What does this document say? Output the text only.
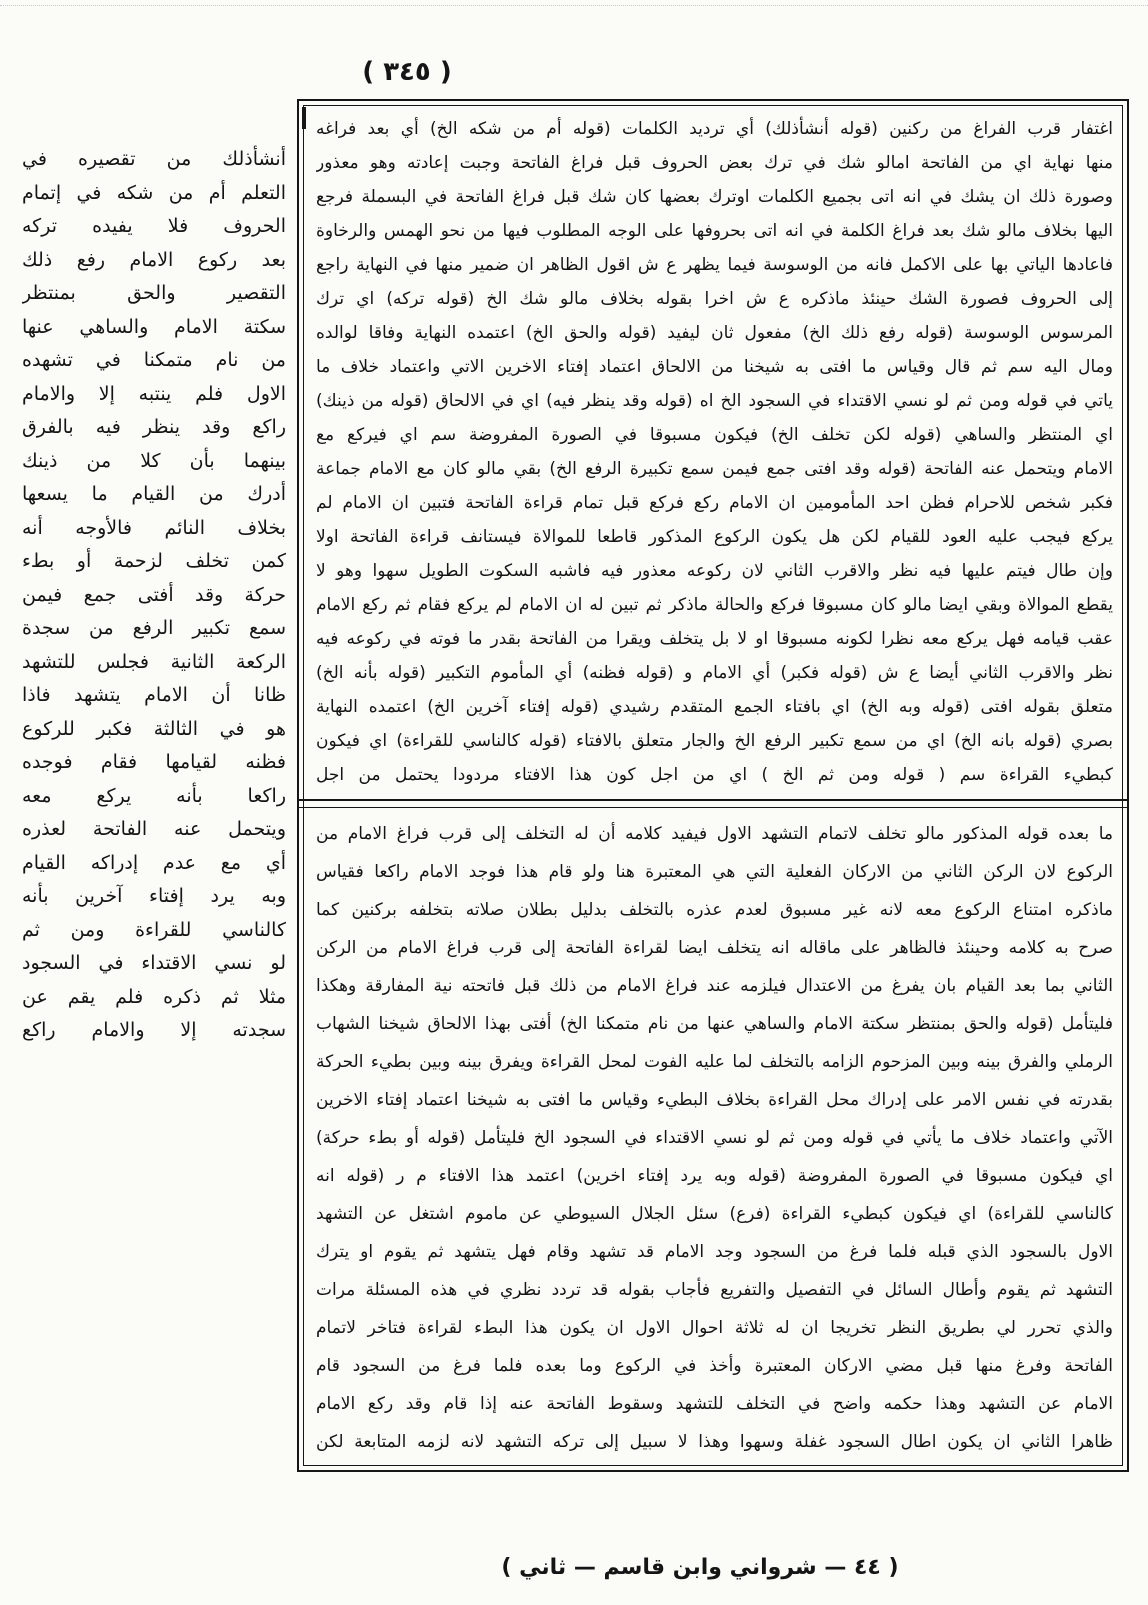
( ٣٤٥ )
اغتفار قرب الفراغ من ركنين (قوله أنشأذلك) أي ترديد الكلمات (قوله أم من شكه الخ) أي بعد فراغه
منها نهاية اي من الفاتحة امالو شك في ترك بعض الحروف قبل فراغ الفاتحة وجبت إعادته وهو معذور
وصورة ذلك ان يشك في انه اتى بجميع الكلمات اوترك بعضها كان شك قبل فراغ الفاتحة في البسملة فرجع
اليها بخلاف مالو شك بعد فراغ الكلمة في انه اتى بحروفها على الوجه المطلوب فيها من نحو الهمس والرخاوة
فاعادها الياتي بها على الاكمل فانه من الوسوسة فيما يظهر ع ش اقول الظاهر ان ضمير منها في النهاية راجع
إلى الحروف فصورة الشك حينئذ ماذكره ع ش اخرا بقوله بخلاف مالو شك الخ (قوله تركه) اي ترك
المرسوس الوسوسة (قوله رفع ذلك الخ) مفعول ثان ليفيد (قوله والحق الخ) اعتمده النهاية وفاقا لوالده
ومال اليه سم ثم قال وقياس ما افتى به شيخنا من الالحاق اعتماد إفتاء الاخرين الاتي واعتماد خلاف ما
ياتي في قوله ومن ثم لو نسي الاقتداء في السجود الخ اه (قوله وقد ينظر فيه) اي في الالحاق (قوله من ذينك)
اي المنتظر والساهي (قوله لكن تخلف الخ) فيكون مسبوقا في الصورة المفروضة سم اي فيركع مع
الامام ويتحمل عنه الفاتحة (قوله وقد افتى جمع فيمن سمع تكبيرة الرفع الخ) بقي مالو كان مع الامام جماعة
فكبر شخص للاحرام فظن احد المأمومين ان الامام ركع فركع قبل تمام قراءة الفاتحة فتبين ان الامام لم
يركع فيجب عليه العود للقيام لكن هل يكون الركوع المذكور قاطعا للموالاة فيستانف قراءة الفاتحة اولا
وإن طال فيتم عليها فيه نظر والاقرب الثاني لان ركوعه معذور فيه فاشبه السكوت الطويل سهوا وهو لا
يقطع الموالاة وبقي ايضا مالو كان مسبوقا فركع والحالة ماذكر ثم تبين له ان الامام لم يركع فقام ثم ركع الامام
عقب قيامه فهل يركع معه نظرا لكونه مسبوقا او لا بل يتخلف ويقرا من الفاتحة بقدر ما فوته في ركوعه فيه
نظر والاقرب الثاني أيضا ع ش (قوله فكبر) أي الامام و (قوله فظنه) أي المأموم التكبير (قوله بأنه الخ)
متعلق بقوله افتى (قوله وبه الخ) اي بافتاء الجمع المتقدم رشيدي (قوله إفتاء آخرين الخ) اعتمده النهاية
بصري (قوله بانه الخ) اي من سمع تكبير الرفع الخ والجار متعلق بالافتاء (قوله كالناسي للقراءة) اي فيكون
كبطيء القراءة سم ( قوله ومن ثم الخ ) اي من اجل كون هذا الافتاء مردودا يحتمل من اجل
ما بعده قوله المذكور مالو تخلف لاتمام التشهد الاول فيفيد كلامه أن له التخلف إلى قرب فراغ الامام من
الركوع لان الركن الثاني من الاركان الفعلية التي هي المعتبرة هنا ولو قام هذا فوجد الامام راكعا فقياس
ماذكره امتناع الركوع معه لانه غير مسبوق لعدم عذره بالتخلف بدليل بطلان صلاته بتخلفه بركنين كما
صرح به كلامه وحينئذ فالظاهر على ماقاله انه يتخلف ايضا لقراءة الفاتحة إلى قرب فراغ الامام من الركن
الثاني بما بعد القيام بان يفرغ من الاعتدال فيلزمه عند فراغ الامام من ذلك قبل فاتحته نية المفارقة وهكذا
فليتأمل (قوله والحق بمنتظر سكتة الامام والساهي عنها من نام متمكنا الخ) أفتى بهذا الالحاق شيخنا الشهاب
الرملي والفرق بينه وبين المزحوم الزامه بالتخلف لما عليه الفوت لمحل القراءة ويفرق بينه وبين بطيء الحركة
بقدرته في نفس الامر على إدراك محل القراءة بخلاف البطيء وقياس ما افتى به شيخنا اعتماد إفتاء الاخرين
الآتي واعتماد خلاف ما يأتي في قوله ومن ثم لو نسي الاقتداء في السجود الخ فليتأمل (قوله أو بطء حركة)
اي فيكون مسبوقا في الصورة المفروضة (قوله وبه يرد إفتاء اخرين) اعتمد هذا الافتاء م ر (قوله انه
كالناسي للقراءة) اي فيكون كبطيء القراءة (فرع) سئل الجلال السيوطي عن ماموم اشتغل عن التشهد
الاول بالسجود الذي قبله فلما فرغ من السجود وجد الامام قد تشهد وقام فهل يتشهد ثم يقوم او يترك
التشهد ثم يقوم وأطال السائل في التفصيل والتفريع فأجاب بقوله قد تردد نظري في هذه المسئلة مرات
والذي تحرر لي بطريق النظر تخريجا ان له ثلاثة احوال الاول ان يكون هذا البطء لقراءة فتاخر لاتمام
الفاتحة وفرغ منها قبل مضي الاركان المعتبرة وأخذ في الركوع وما بعده فلما فرغ من السجود قام
الامام عن التشهد وهذا حكمه واضح في التخلف للتشهد وسقوط الفاتحة عنه إذا قام وقد ركع الامام
ظاهرا الثاني ان يكون اطال السجود غفلة وسهوا وهذا لا سبيل إلى تركه التشهد لانه لزمه المتابعة لكن
أنشأذلك من تقصيره في
التعلم أم من شكه في إتمام
الحروف فلا يفيده تركه
بعد ركوع الامام رفع ذلك
التقصير والحق بمنتظر
سكتة الامام والساهي عنها
من نام متمكنا في تشهده
الاول فلم ينتبه إلا والامام
راكع وقد ينظر فيه بالفرق
بينهما بأن كلا من ذينك
أدرك من القيام ما يسعها
بخلاف النائم فالأوجه أنه
كمن تخلف لزحمة أو بطء
حركة وقد أفتى جمع فيمن
سمع تكبير الرفع من سجدة
الركعة الثانية فجلس للتشهد
ظانا أن الامام يتشهد فاذا
هو في الثالثة فكبر للركوع
فظنه لقيامها فقام فوجده
راكعا بأنه يركع معه
ويتحمل عنه الفاتحة لعذره
أي مع عدم إدراكه القيام
وبه يرد إفتاء آخرين بأنه
كالناسي للقراءة ومن ثم
لو نسي الاقتداء في السجود
مثلا ثم ذكره فلم يقم عن
سجدته إلا والامام راكع
( ٤٤ — شرواني وابن قاسم — ثاني )
